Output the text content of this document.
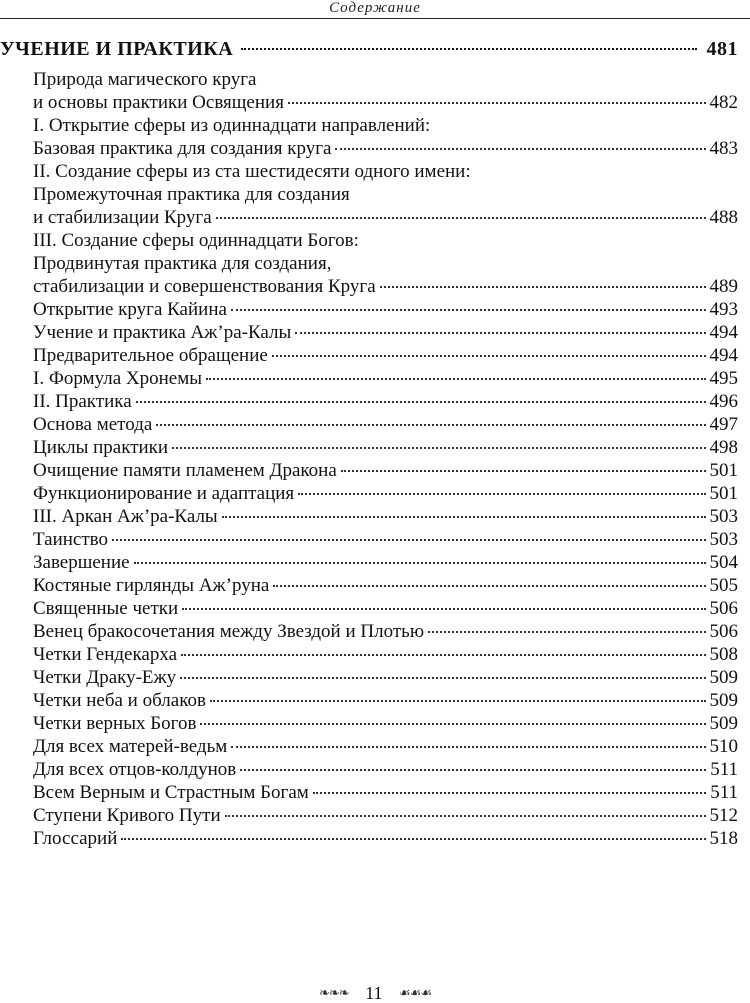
Содержание
УЧЕНИЕ И ПРАКТИКА	481
Природа магического круга
и основы практики Освящения	482
I. Открытие сферы из одиннадцати направлений:
Базовая практика для создания круга	483
II. Создание сферы из ста шестидесяти одного имени:
Промежуточная практика для создания
и стабилизации Круга	488
III. Создание сферы одиннадцати Богов:
Продвинутая практика для создания,
стабилизации и совершенствования Круга	489
Открытие круга Кайина	493
Учение и практика Аж’ра-Калы	494
Предварительное обращение	494
I. Формула Хронемы	495
II. Практика	496
Основа метода	497
Циклы практики	498
Очищение памяти пламенем Дракона	501
Функционирование и адаптация	501
III. Аркан Аж’ра-Калы	503
Таинство	503
Завершение	504
Костяные гирлянды Аж’руна	505
Священные четки	506
Венец бракосочетания между Звездой и Плотью	506
Четки Гендекарха	508
Четки Драку-Ежу	509
Четки неба и облаков	509
Четки верных Богов	509
Для всех матерей-ведьм	510
Для всех отцов-колдунов	511
Всем Верным и Страстным Богам	511
Ступени Кривого Пути	512
Глоссарий	518
❧❧❧ 11 ☙☙☙
